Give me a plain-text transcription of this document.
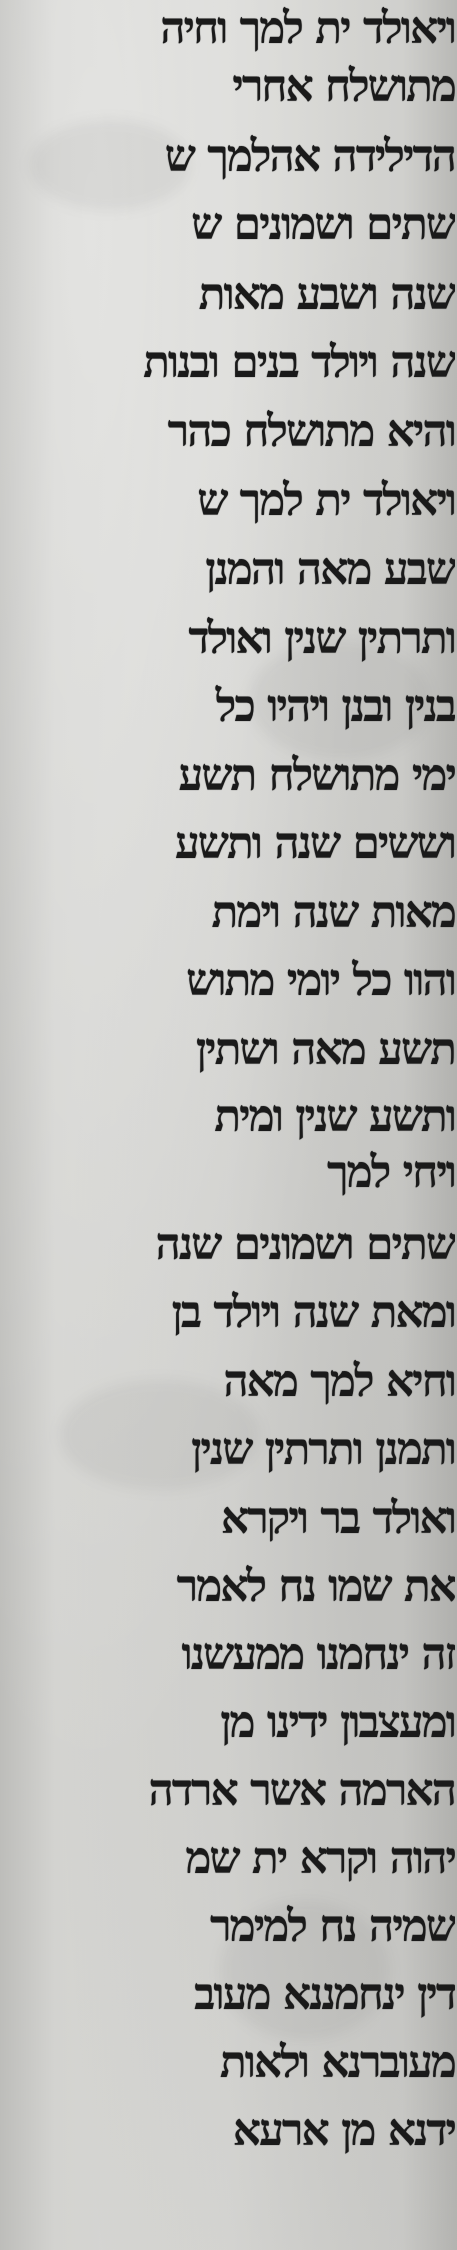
ויאולד ית למך וחיה
מתושלח אחרי
הדילידה אהלמך ש
שתים ושמונים ש
שנה ושבע מאות
שנה ויולד בנים ובנות
והיא מתושלח כהר
ויאולד ית למך ש
שבע מאה והמנן
ותרתין שנין ואולד
בנין ובנן ויהיו כל
ימי מתושלח תשע
וששים שנה ותשע
מאות שנה וימת
והוו כל יומי מתוש
תשע מאה ושתין
ותשע שנין ומית
ויחי למך
שתים ושמונים שנה
ומאת שנה ויולד בן
וחיא למך מאה
ותמנן ותרתין שנין
ואולד בר ויקרא
את שמו נח לאמר
זה ינחמנו ממעשנו
ומעצבון ידינו מן
הארמה אשר ארדה
יהוה וקרא ית שמ
שמיה נח למימר
דין ינחמננא מעוב
מעוברנא ולאות
ידנא מן ארעא
